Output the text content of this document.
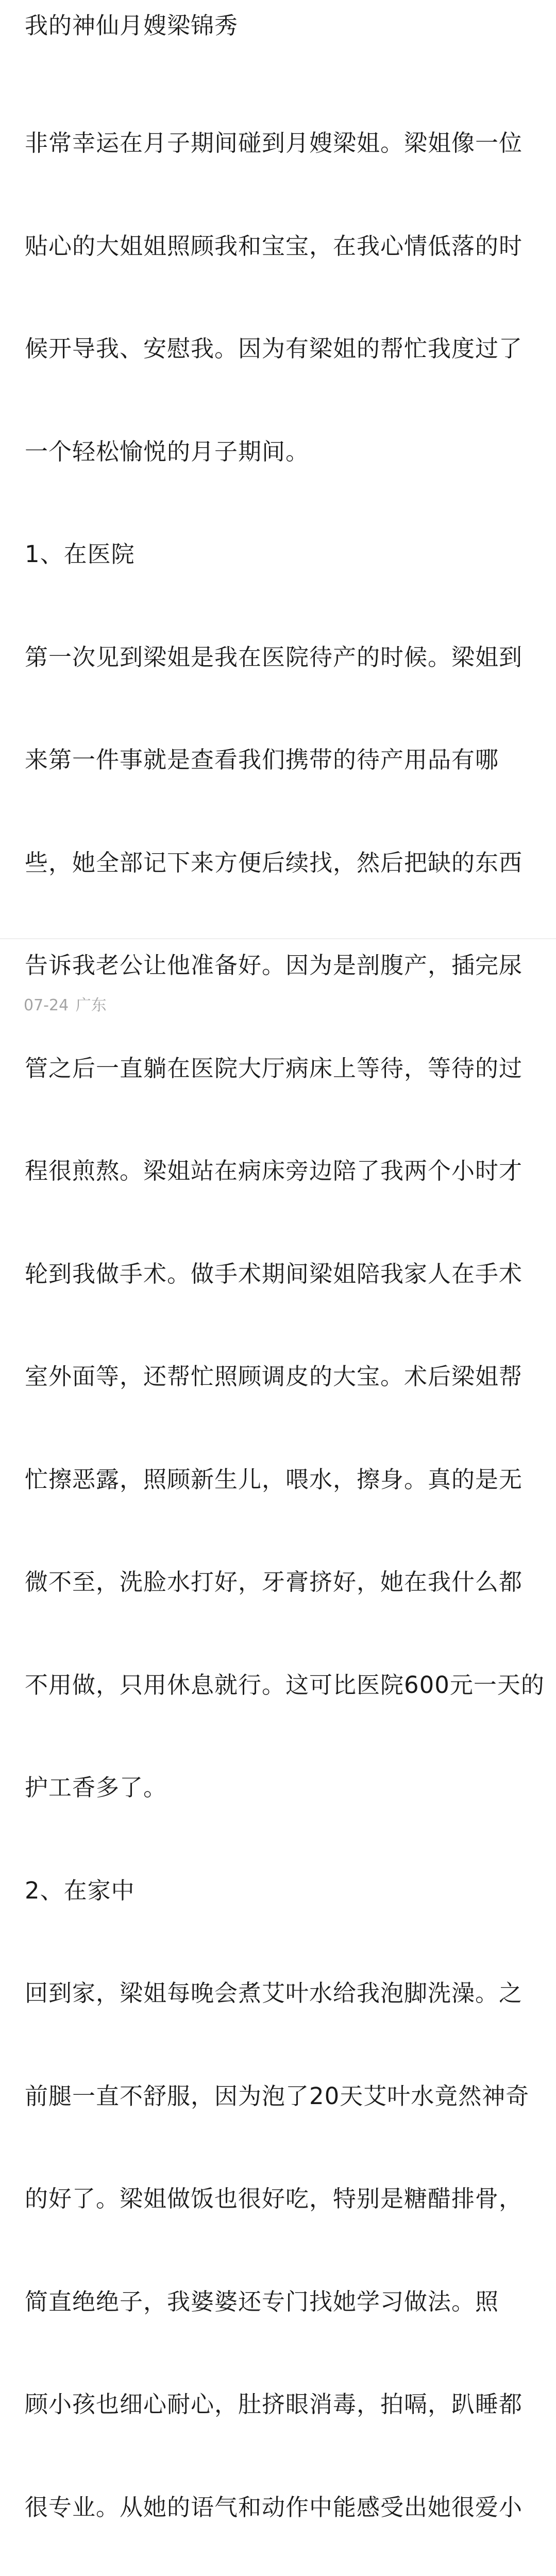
我的神仙月嫂梁锦秀

非常幸运在月子期间碰到月嫂梁姐。梁姐像一位

贴心的大姐姐照顾我和宝宝，在我心情低落的时

候开导我、安慰我。因为有梁姐的帮忙我度过了

一个轻松愉悦的月子期间。

1、在医院

第一次见到梁姐是我在医院待产的时候。梁姐到

来第一件事就是查看我们携带的待产用品有哪

些，她全部记下来方便后续找，然后把缺的东西

告诉我老公让他准备好。因为是剖腹产，插完尿

管之后一直躺在医院大厅病床上等待，等待的过

程很煎熬。梁姐站在病床旁边陪了我两个小时才

轮到我做手术。做手术期间梁姐陪我家人在手术

室外面等，还帮忙照顾调皮的大宝。术后梁姐帮

忙擦恶露，照顾新生儿，喂水，擦身。真的是无

微不至，洗脸水打好，牙膏挤好，她在我什么都

不用做，只用休息就行。这可比医院600元一天的

护工香多了。

2、在家中

回到家，梁姐每晚会煮艾叶水给我泡脚洗澡。之

前腿一直不舒服，因为泡了20天艾叶水竟然神奇

的好了。梁姐做饭也很好吃，特别是糖醋排骨，

简直绝绝子，我婆婆还专门找她学习做法。照

顾小孩也细心耐心，肚挤眼消毒，拍嗝，趴睡都

很专业。从她的语气和动作中能感受出她很爱小

07-24 广东
